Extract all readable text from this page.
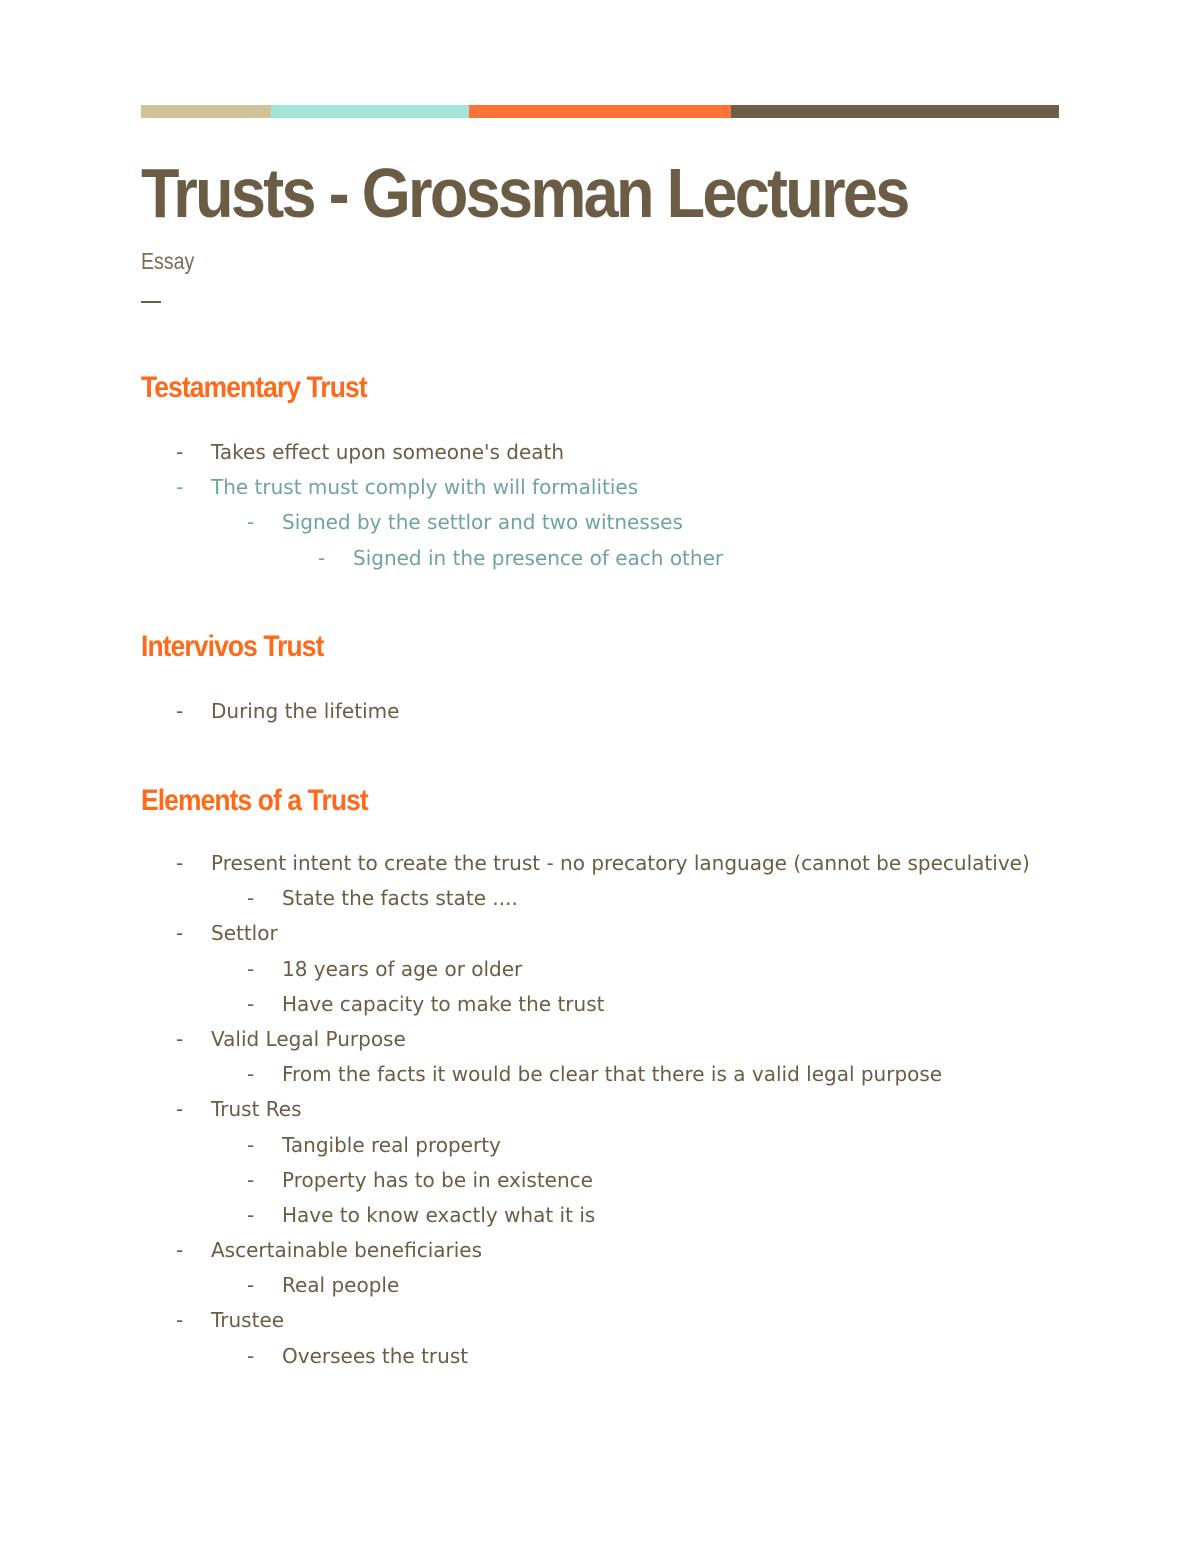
Trusts - Grossman Lectures
Essay
Testamentary Trust
- Takes effect upon someone's death
- The trust must comply with will formalities
- Signed by the settlor and two witnesses
- Signed in the presence of each other
Intervivos Trust
- During the lifetime
Elements of a Trust
- Present intent to create the trust - no precatory language (cannot be speculative)
- State the facts state ....
- Settlor
- 18 years of age or older
- Have capacity to make the trust
- Valid Legal Purpose
- From the facts it would be clear that there is a valid legal purpose
- Trust Res
- Tangible real property
- Property has to be in existence
- Have to know exactly what it is
- Ascertainable beneficiaries
- Real people
- Trustee
- Oversees the trust
